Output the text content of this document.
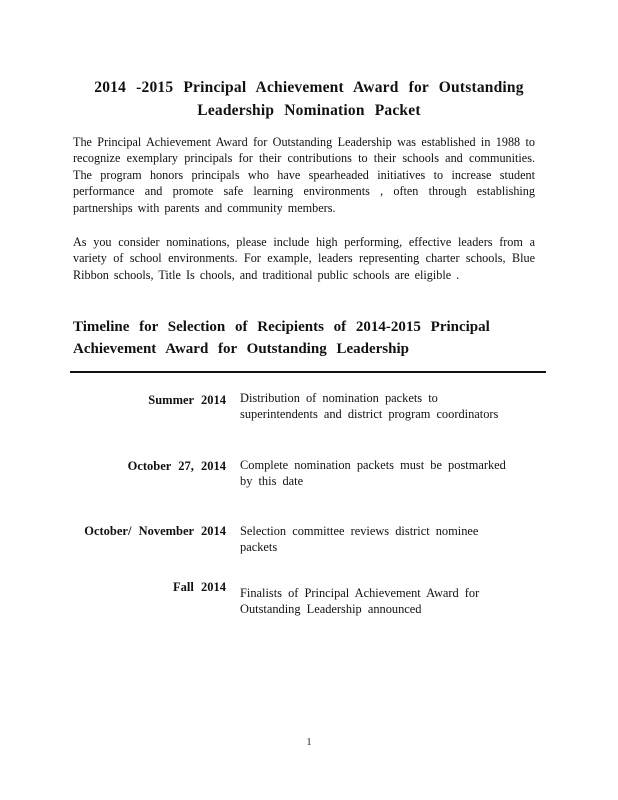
2014 -2015 Principal Achievement Award for Outstanding Leadership Nomination Packet
The Principal Achievement Award for Outstanding Leadership was established in 1988 to recognize exemplary principals for their contributions to their schools and communities. The program honors principals who have spearheaded initiatives to increase student performance and promote safe learning environments , often through establishing partnerships with parents and community members.
As you consider nominations, please include high performing, effective leaders from a variety of school environments. For example, leaders representing charter schools, Blue Ribbon schools, Title Is chools, and traditional public schools are eligible .
Timeline for Selection of Recipients of 2014-2015 Principal Achievement Award for Outstanding Leadership
Summer 2014 Distribution of nomination packets to superintendents and district program coordinators
October 27, 2014 Complete nomination packets must be postmarked by this date
October/ November 2014 Selection committee reviews district nominee packets
Fall 2014 Finalists of Principal Achievement Award for Outstanding Leadership announced
1
